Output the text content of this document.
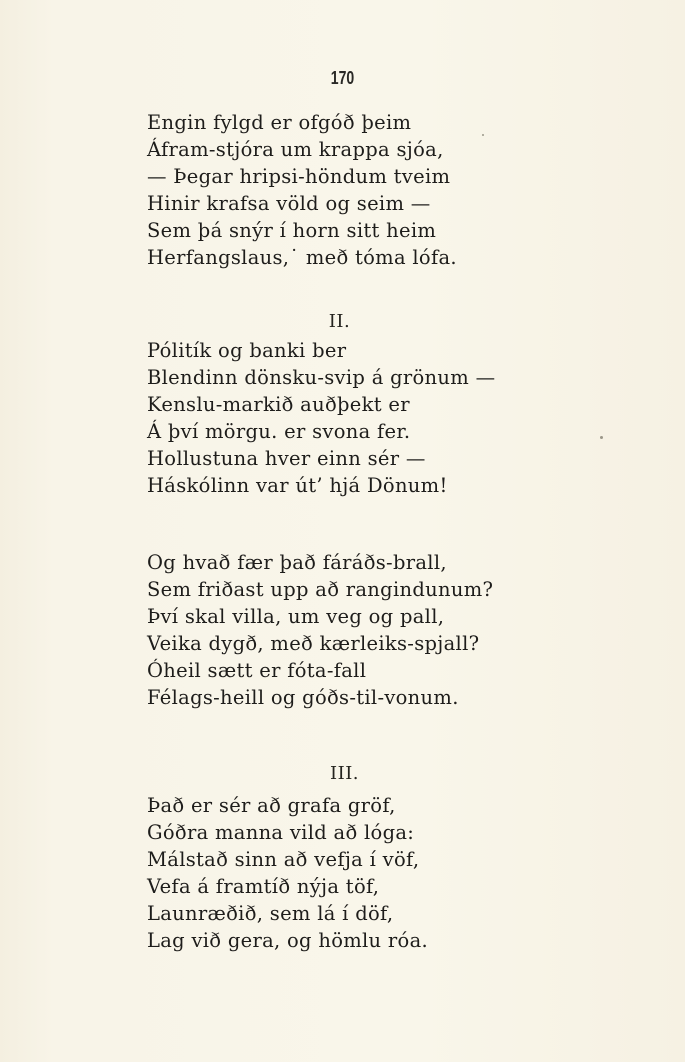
170
Engin fylgd er ofgóð þeim
Áfram-stjóra um krappa sjóa,
— Þegar hripsi-höndum tveim
Hinir krafsa völd og seim —
Sem þá snýr í horn sitt heim
Herfangslaus,˙ með tóma lófa.
II.
Pólitík og banki ber
Blendinn dönsku-svip á grönum —
Kenslu-markið auðþekt er
Á því mörgu. er svona fer.
Hollustuna hver einn sér —
Háskólinn var út’ hjá Dönum!
Og hvað fær það fáráðs-brall,
Sem friðast upp að rangindunum?
Því skal villa, um veg og pall,
Veika dygð, með kærleiks-spjall?
Óheil sætt er fóta-fall
Félags-heill og góðs-til-vonum.
III.
Það er sér að grafa gröf,
Góðra manna vild að lóga:
Málstað sinn að vefja í vöf,
Vefa á framtíð nýja töf,
Launræðið, sem lá í döf,
Lag við gera, og hömlu róa.
